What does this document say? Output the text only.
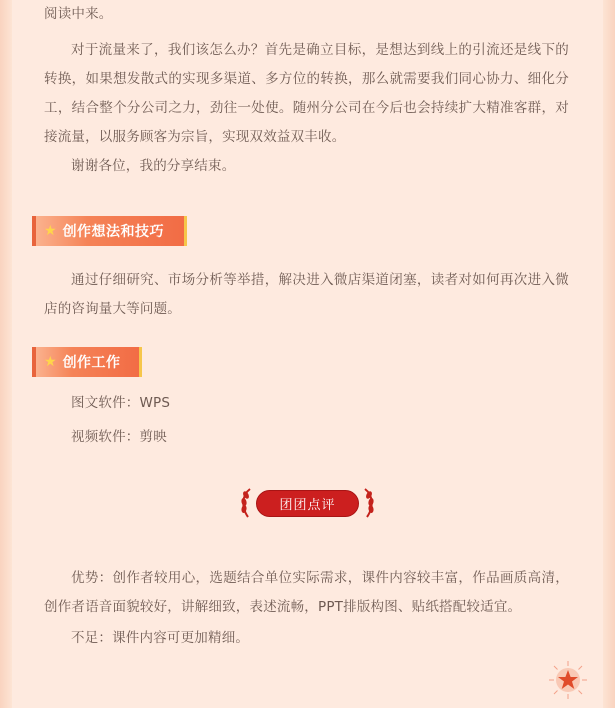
阅读中来。

对于流量来了，我们该怎么办？首先是确立目标，是想达到线上的引流还是线下的转换，如果想发散式的实现多渠道、多方位的转换，那么就需要我们同心协力、细化分工，结合整个分公司之力，劲往一处使。随州分公司在今后也会持续扩大精准客群，对接流量，以服务顾客为宗旨，实现双效益双丰收。

谢谢各位，我的分享结束。

★ 创作想法和技巧

通过仔细研究、市场分析等举措，解决进入微店渠道闭塞，读者对如何再次进入微店的咨询量大等问题。

★ 创作工作

图文软件：WPS

视频软件：剪映

团团点评

优势：创作者较用心，选题结合单位实际需求，课件内容较丰富，作品画质高清，创作者语音面貌较好，讲解细致，表述流畅，PPT排版构图、贴纸搭配较适宜。

不足：课件内容可更加精细。
